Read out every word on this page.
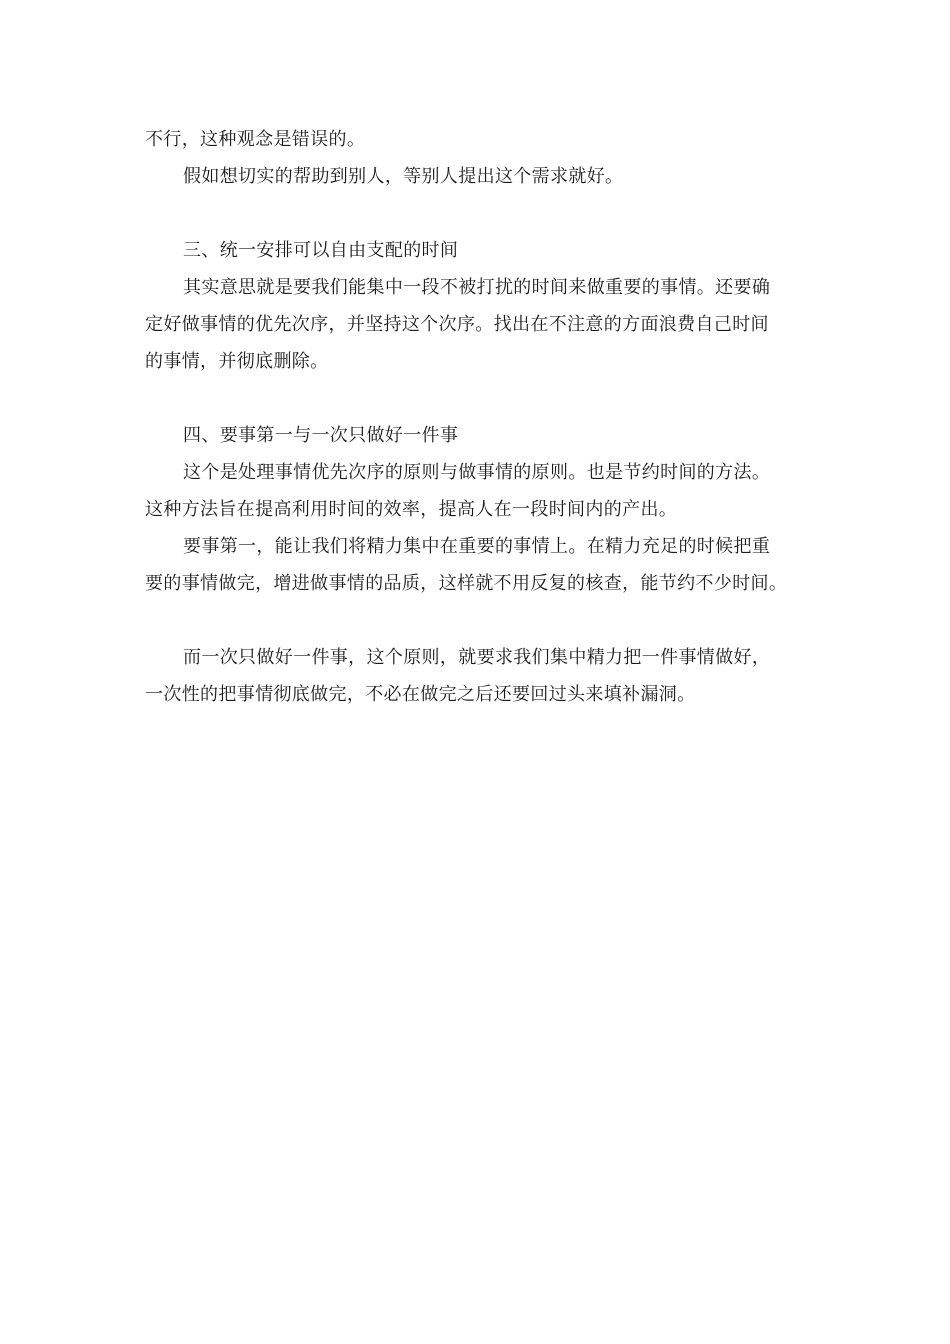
不行，这种观念是错误的。

假如想切实的帮助到别人，等别人提出这个需求就好。

三、统一安排可以自由支配的时间

其实意思就是要我们能集中一段不被打扰的时间来做重要的事情。还要确

定好做事情的优先次序，并坚持这个次序。找出在不注意的方面浪费自己时间

的事情，并彻底删除。

四、要事第一与一次只做好一件事

这个是处理事情优先次序的原则与做事情的原则。也是节约时间的方法。

这种方法旨在提高利用时间的效率，提高人在一段时间内的产出。

要事第一，能让我们将精力集中在重要的事情上。在精力充足的时候把重

要的事情做完，增进做事情的品质，这样就不用反复的核查，能节约不少时间。

而一次只做好一件事，这个原则，就要求我们集中精力把一件事情做好，

一次性的把事情彻底做完，不必在做完之后还要回过头来填补漏洞。
